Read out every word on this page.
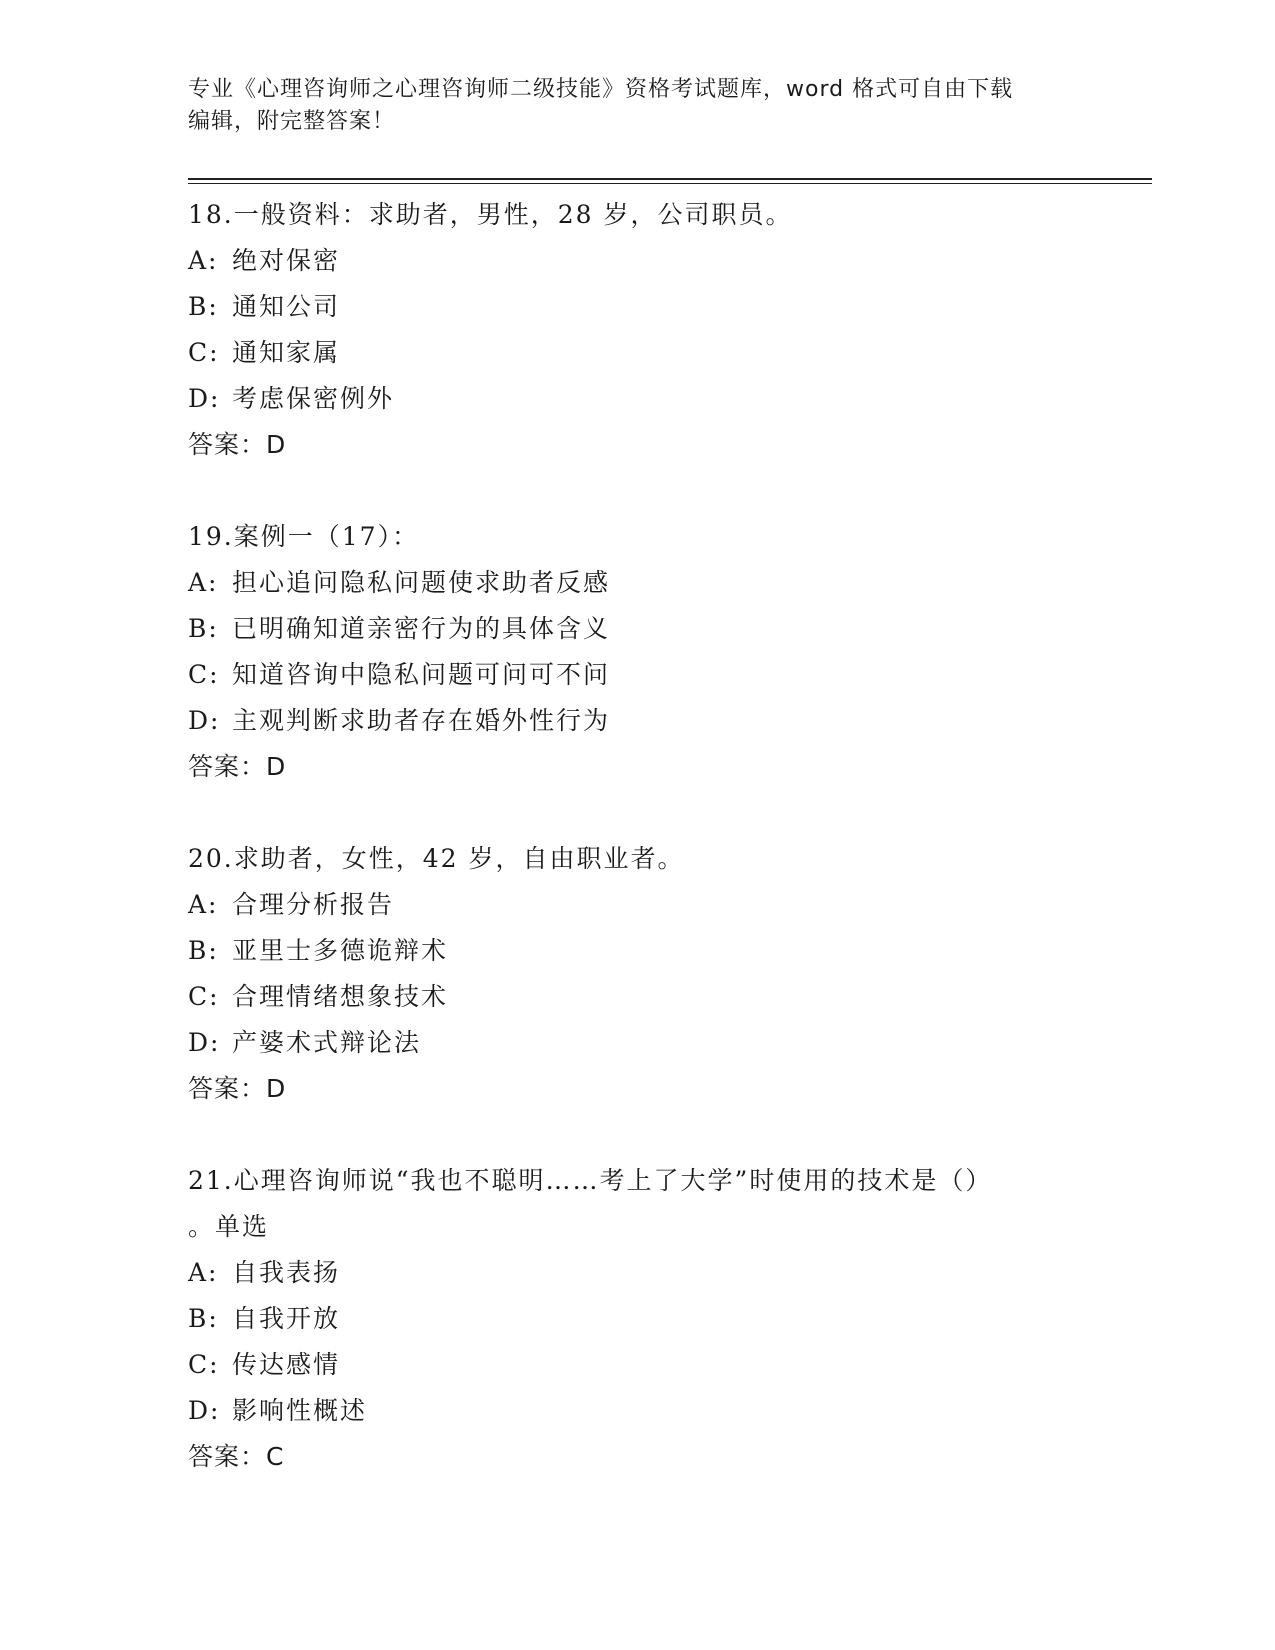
专业《心理咨询师之心理咨询师二级技能》资格考试题库，word 格式可自由下载
编辑，附完整答案！
18.一般资料：求助者，男性，28 岁，公司职员。
A: 绝对保密
B: 通知公司
C: 通知家属
D: 考虑保密例外
答案：D
19.案例一（17）：
A: 担心追问隐私问题使求助者反感
B: 已明确知道亲密行为的具体含义
C: 知道咨询中隐私问题可问可不问
D: 主观判断求助者存在婚外性行为
答案：D
20.求助者，女性，42 岁，自由职业者。
A: 合理分析报告
B: 亚里士多德诡辩术
C: 合理情绪想象技术
D: 产婆术式辩论法
答案：D
21.心理咨询师说“我也不聪明……考上了大学”时使用的技术是（）
。单选
A: 自我表扬
B: 自我开放
C: 传达感情
D: 影响性概述
答案：C
